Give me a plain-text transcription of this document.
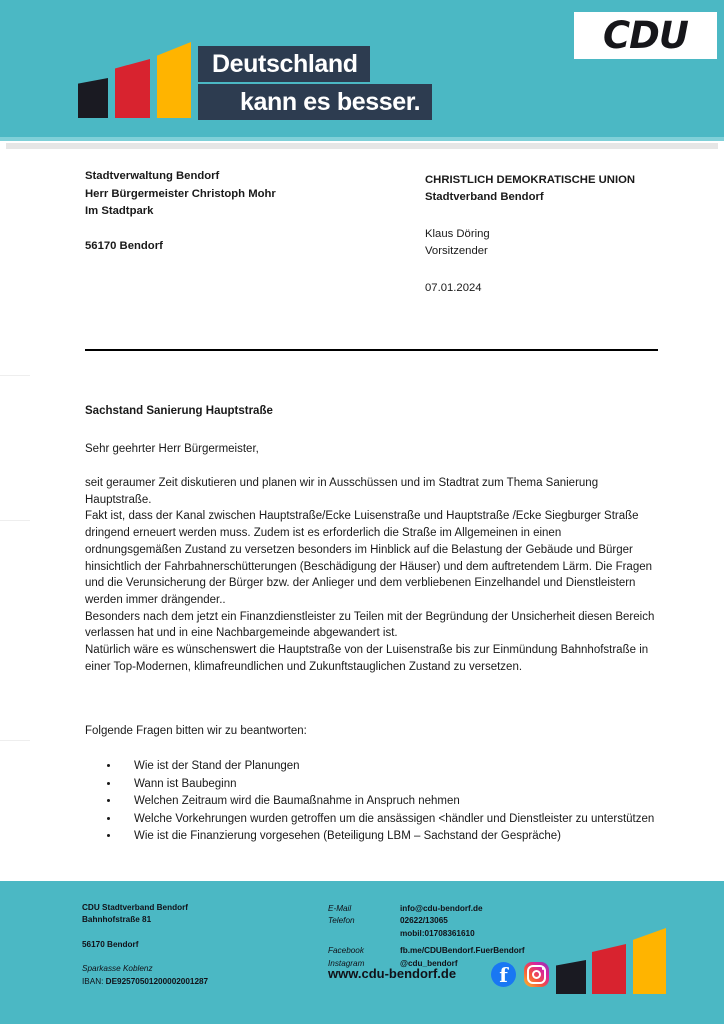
Deutschland
kann es besser.
CDU
Stadtverwaltung Bendorf
Herr Bürgermeister Christoph Mohr
Im Stadtpark
56170 Bendorf
CHRISTLICH DEMOKRATISCHE UNION
Stadtverband Bendorf
Klaus Döring
Vorsitzender
07.01.2024
Sachstand Sanierung Hauptstraße
Sehr geehrter Herr Bürgermeister,

seit geraumer Zeit diskutieren und planen wir in Ausschüssen und im Stadtrat zum Thema Sanierung Hauptstraße.

Fakt ist, dass der Kanal zwischen Hauptstraße/Ecke Luisenstraße und Hauptstraße /Ecke Siegburger Straße dringend erneuert werden muss. Zudem ist es erforderlich die Straße im Allgemeinen in einen ordnungsgemäßen Zustand zu versetzen besonders im Hinblick auf die Belastung der Gebäude und Bürger hinsichtlich der Fahrbahnerschütterungen (Beschädigung der Häuser) und dem auftretendem Lärm. Die Fragen und die Verunsicherung der Bürger bzw. der Anlieger und dem verbliebenen Einzelhandel und Dienstleistern werden immer drängender..

Besonders nach dem jetzt ein Finanzdienstleister zu Teilen mit der Begründung der Unsicherheit diesen Bereich verlassen hat und in eine Nachbargemeinde abgewandert ist.

Natürlich wäre es wünschenswert die Hauptstraße von der Luisenstraße bis zur Einmündung Bahnhofstraße in einer Top-Modernen, klimafreundlichen und Zukunftstauglichen Zustand zu versetzen.

Folgende Fragen bitten wir zu beantworten:
• Wie ist der Stand der Planungen
• Wann ist Baubeginn
• Welchen Zeitraum wird die Baumaßnahme in Anspruch nehmen
• Welche Vorkehrungen wurden getroffen um die ansässigen <händler und Dienstleister zu unterstützen
• Wie ist die Finanzierung vorgesehen (Beteiligung LBM – Sachstand der Gespräche)
CDU Stadtverband Bendorf
Bahnhofstraße 81
56170 Bendorf
Sparkasse Koblenz
IBAN: DE92570501200002001287
E-Mail	info@cdu-bendorf.de
Telefon	02622/13065
mobil:01708361610
Facebook	fb.me/CDUBendorf.FuerBendorf
Instagram	@cdu_bendorf
www.cdu-bendorf.de
f
